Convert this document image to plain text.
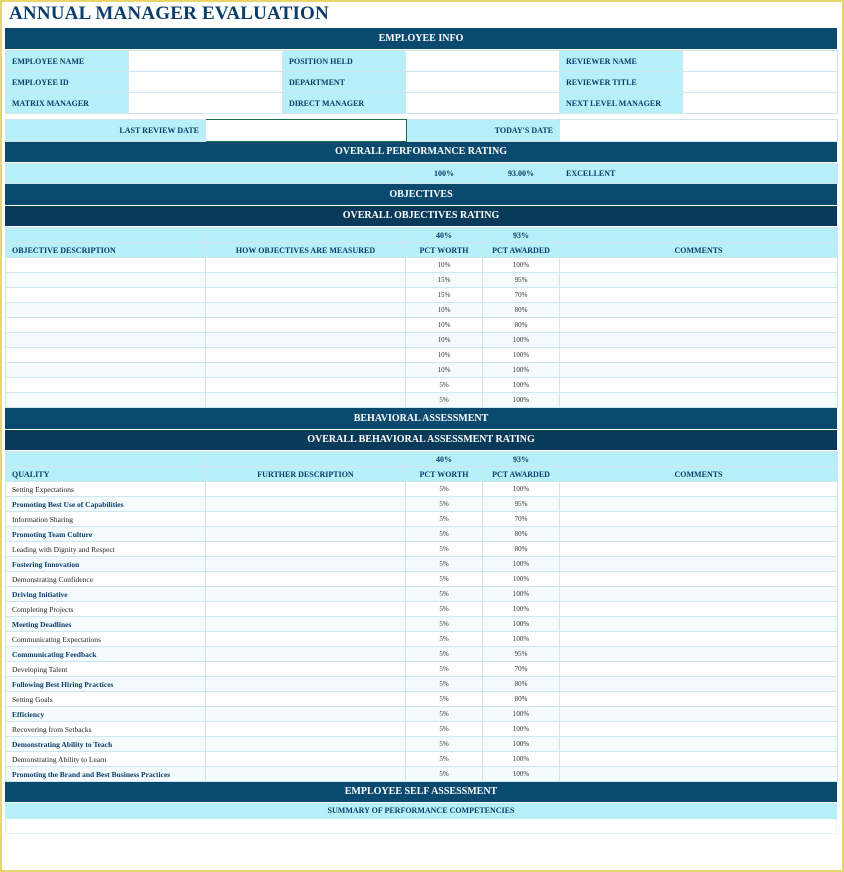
ANNUAL MANAGER EVALUATION
EMPLOYEE INFO
EMPLOYEE NAME		POSITION HELD		REVIEWER NAME	
EMPLOYEE ID		DEPARTMENT		REVIEWER TITLE	
MATRIX MANAGER		DIRECT MANAGER		NEXT LEVEL MANAGER	
LAST REVIEW DATE		TODAY'S DATE	
OVERALL PERFORMANCE RATING
	100%	93.00%	EXCELLENT
OBJECTIVES
OVERALL OBJECTIVES RATING
		40%	93%	
OBJECTIVE DESCRIPTION	HOW OBJECTIVES ARE MEASURED	PCT WORTH	PCT AWARDED	COMMENTS
		10%	100%	
		15%	95%	
		15%	70%	
		10%	80%	
		10%	80%	
		10%	100%	
		10%	100%	
		10%	100%	
		5%	100%	
		5%	100%	
BEHAVIORAL ASSESSMENT
OVERALL BEHAVIORAL ASSESSMENT RATING
		40%	93%	
QUALITY	FURTHER DESCRIPTION	PCT WORTH	PCT AWARDED	COMMENTS
Setting Expectations		5%	100%	
Promoting Best Use of Capabilities		5%	95%	
Information Sharing		5%	70%	
Promoting Team Culture		5%	80%	
Leading with Dignity and Respect		5%	80%	
Fostering Innovation		5%	100%	
Demonstrating Confidence		5%	100%	
Driving Initiative		5%	100%	
Completing Projects		5%	100%	
Meeting Deadlines		5%	100%	
Communicating Expectations		5%	100%	
Communicating Feedback		5%	95%	
Developing Talent		5%	70%	
Following Best Hiring Practices		5%	80%	
Setting Goals		5%	80%	
Efficiency		5%	100%	
Recovering from Setbacks		5%	100%	
Demonstrating Ability to Teach		5%	100%	
Demonstrating Ability to Learn		5%	100%	
Promoting the Brand and Best Business Practices		5%	100%	
EMPLOYEE SELF ASSESSMENT
SUMMARY OF PERFORMANCE COMPETENCIES
